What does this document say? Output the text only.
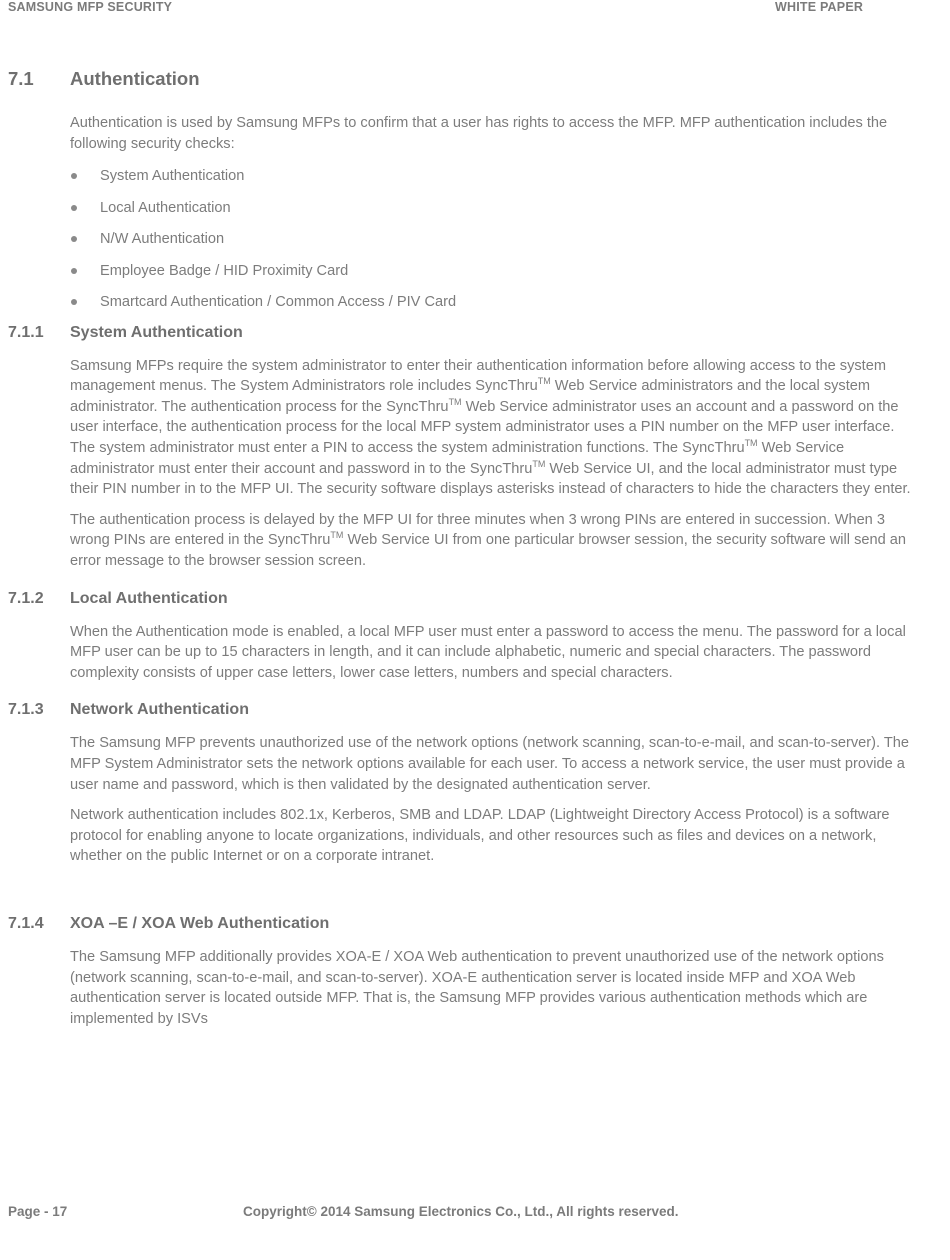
SAMSUNG MFP SECURITY	WHITE PAPER
7.1 Authentication

Authentication is used by Samsung MFPs to confirm that a user has rights to access the MFP. MFP authentication includes the following security checks:

System Authentication
Local Authentication
N/W Authentication
Employee Badge / HID Proximity Card
Smartcard Authentication / Common Access / PIV Card
7.1.1 System Authentication

Samsung MFPs require the system administrator to enter their authentication information before allowing access to the system management menus. The System Administrators role includes SyncThru™ Web Service administrators and the local system administrator. The authentication process for the SyncThru™ Web Service administrator uses an account and a password on the user interface, the authentication process for the local MFP system administrator uses a PIN number on the MFP user interface. The system administrator must enter a PIN to access the system administration functions. The SyncThru™ Web Service administrator must enter their account and password in to the SyncThru™ Web Service UI, and the local administrator must type their PIN number in to the MFP UI. The security software displays asterisks instead of characters to hide the characters they enter.

The authentication process is delayed by the MFP UI for three minutes when 3 wrong PINs are entered in succession. When 3 wrong PINs are entered in the SyncThru™ Web Service UI from one particular browser session, the security software will send an error message to the browser session screen.

7.1.2 Local Authentication

When the Authentication mode is enabled, a local MFP user must enter a password to access the menu. The password for a local MFP user can be up to 15 characters in length, and it can include alphabetic, numeric and special characters. The password complexity consists of upper case letters, lower case letters, numbers and special characters.

7.1.3 Network Authentication

The Samsung MFP prevents unauthorized use of the network options (network scanning, scan-to-e-mail, and scan-to-server). The MFP System Administrator sets the network options available for each user. To access a network service, the user must provide a user name and password, which is then validated by the designated authentication server.

Network authentication includes 802.1x, Kerberos, SMB and LDAP. LDAP (Lightweight Directory Access Protocol) is a software protocol for enabling anyone to locate organizations, individuals, and other resources such as files and devices on a network, whether on the public Internet or on a corporate intranet.

7.1.4 XOA –E / XOA Web Authentication

The Samsung MFP additionally provides XOA-E / XOA Web authentication to prevent unauthorized use of the network options (network scanning, scan-to-e-mail, and scan-to-server). XOA-E authentication server is located inside MFP and XOA Web authentication server is located outside MFP. That is, the Samsung MFP provides various authentication methods which are implemented by ISVs

Page - 17	Copyright© 2014 Samsung Electronics Co., Ltd., All rights reserved.
